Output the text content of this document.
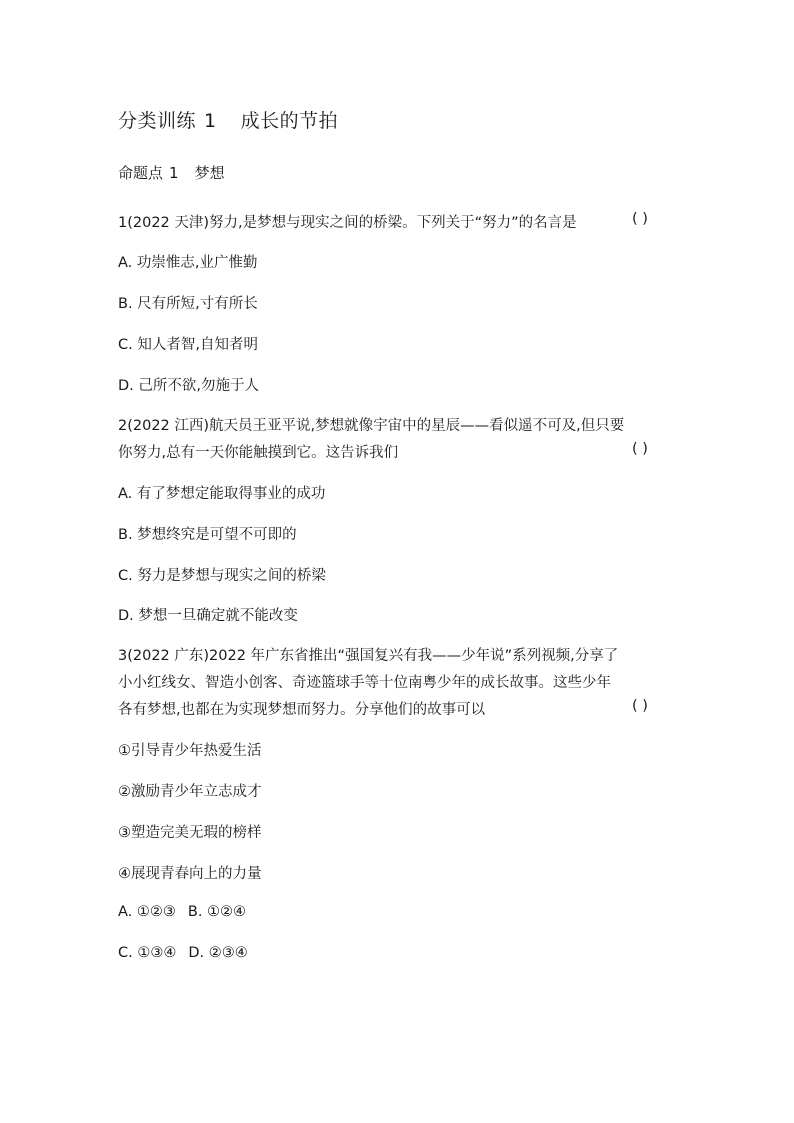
分类训练 1 成长的节拍
命题点 1 梦想
1(2022 天津)努力,是梦想与现实之间的桥梁。下列关于“努力”的名言是	( )
A. 功崇惟志,业广惟勤
B. 尺有所短,寸有所长
C. 知人者智,自知者明
D. 己所不欲,勿施于人
2(2022 江西)航天员王亚平说,梦想就像宇宙中的星辰——看似遥不可及,但只要
你努力,总有一天你能触摸到它。这告诉我们	( )
A. 有了梦想定能取得事业的成功
B. 梦想终究是可望不可即的
C. 努力是梦想与现实之间的桥梁
D. 梦想一旦确定就不能改变
3(2022 广东)2022 年广东省推出“强国复兴有我——少年说”系列视频,分享了
小小红线女、智造小创客、奇迹篮球手等十位南粤少年的成长故事。这些少年
各有梦想,也都在为实现梦想而努力。分享他们的故事可以	( )
①引导青少年热爱生活
②激励青少年立志成才
③塑造完美无瑕的榜样
④展现青春向上的力量
A. ①②③ B. ①②④
C. ①③④ D. ②③④
